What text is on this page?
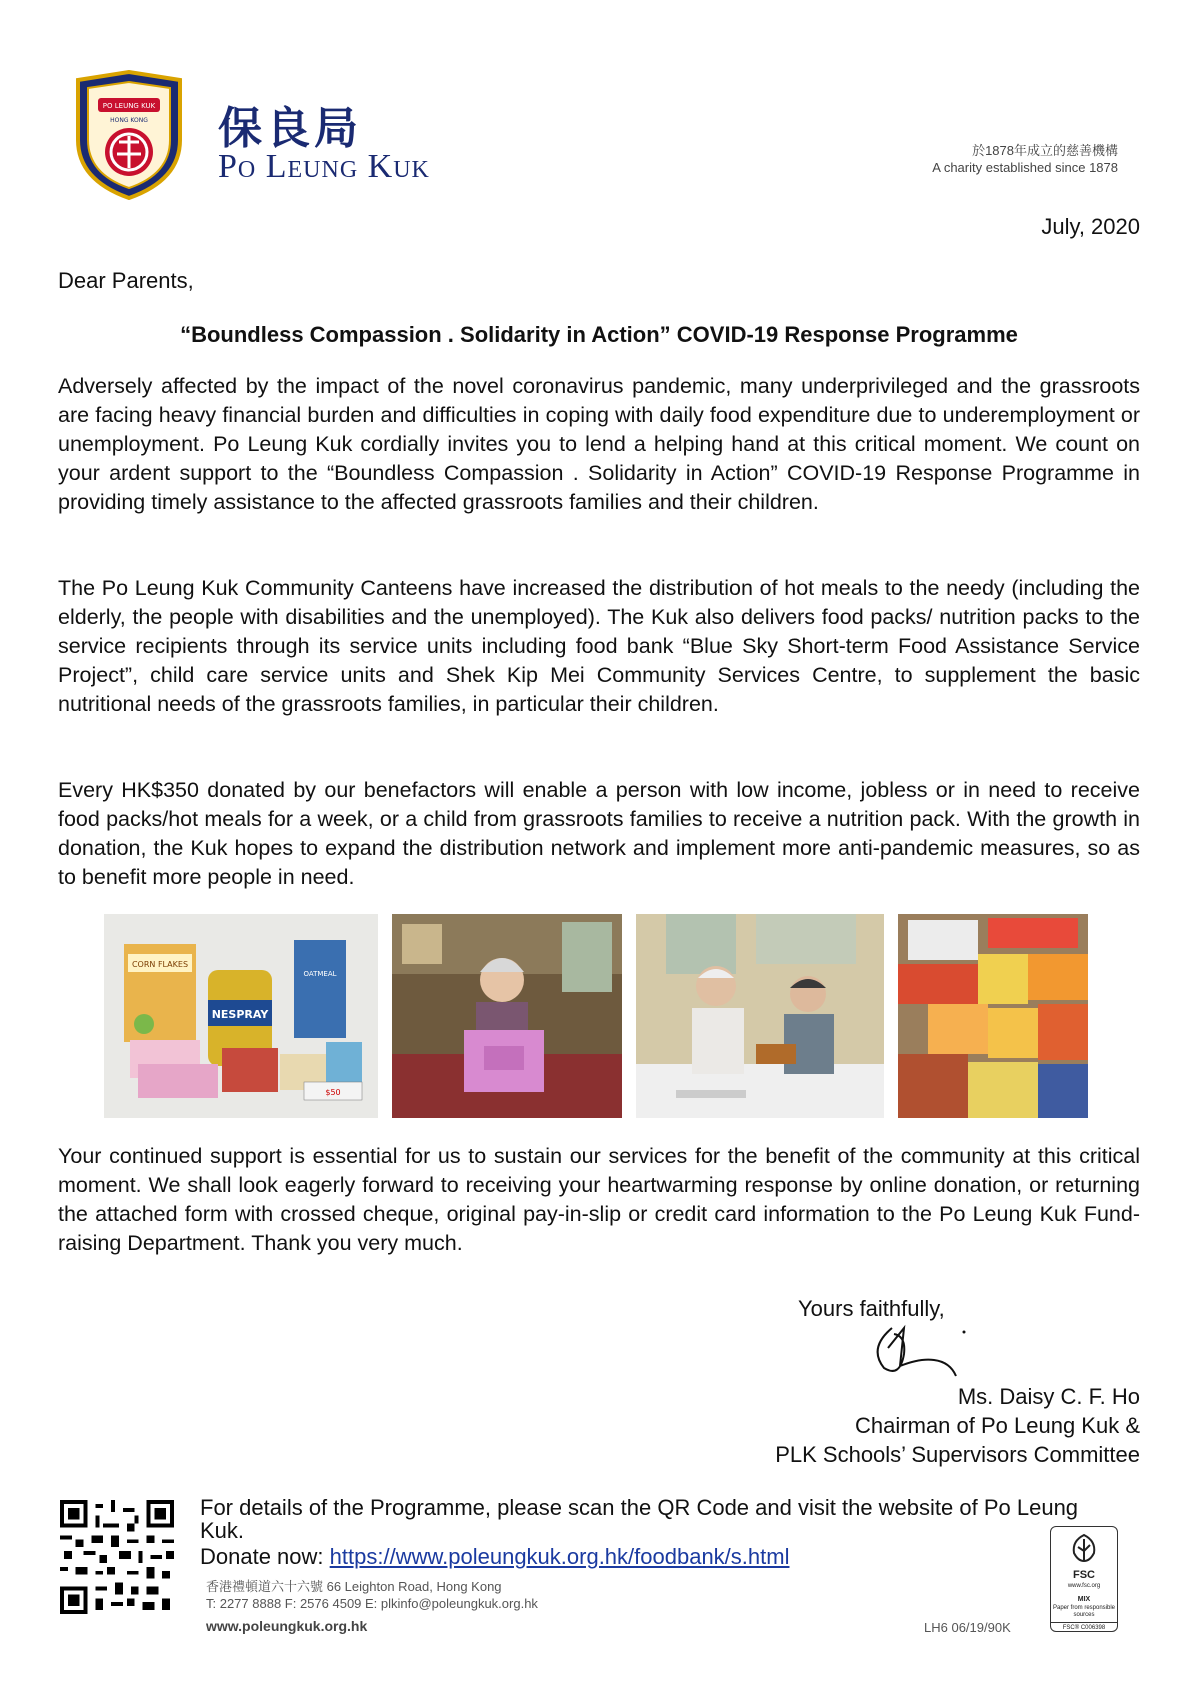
PO LEUNG KUK
HONG KONG 保良局
Po Leung Kuk	於1878年成立的慈善機構
A charity established since 1878
July, 2020
Dear Parents,
“Boundless Compassion . Solidarity in Action” COVID-19 Response Programme

Adversely affected by the impact of the novel coronavirus pandemic, many underprivileged and the grassroots are facing heavy financial burden and difficulties in coping with daily food expenditure due to underemployment or unemployment. Po Leung Kuk cordially invites you to lend a helping hand at this critical moment. We count on your ardent support to the “Boundless Compassion . Solidarity in Action” COVID-19 Response Programme in providing timely assistance to the affected grassroots families and their children.

The Po Leung Kuk Community Canteens have increased the distribution of hot meals to the needy (including the elderly, the people with disabilities and the unemployed). The Kuk also delivers food packs/ nutrition packs to the service recipients through its service units including food bank “Blue Sky Short-term Food Assistance Service Project”, child care service units and Shek Kip Mei Community Services Centre, to supplement the basic nutritional needs of the grassroots families, in particular their children.

Every HK$350 donated by our benefactors will enable a person with low income, jobless or in need to receive food packs/hot meals for a week, or a child from grassroots families to receive a nutrition pack. With the growth in donation, the Kuk hopes to expand the distribution network and implement more anti-pandemic measures, so as to benefit more people in need.

CORN FLAKES
NESPRAY
OATMEAL
$50

Your continued support is essential for us to sustain our services for the benefit of the community at this critical moment. We shall look eagerly forward to receiving your heartwarming response by online donation, or returning the attached form with crossed cheque, original pay-in-slip or credit card information to the Po Leung Kuk Fund-raising Department. Thank you very much.

Yours faithfully,
Ms. Daisy C. F. Ho
Chairman of Po Leung Kuk &
PLK Schools’ Supervisors Committee
For details of the Programme, please scan the QR Code and visit the website of Po Leung Kuk.
Donate now: https://www.poleungkuk.org.hk/foodbank/s.html
香港禮頓道六十六號 66 Leighton Road, Hong Kong
T: 2277 8888 F: 2576 4509 E: plkinfo@poleungkuk.org.hk
www.poleungkuk.org.hk	LH6 06/19/90K
FSC
www.fsc.org
MIX
Paper from responsible sources
FSC® C006398
